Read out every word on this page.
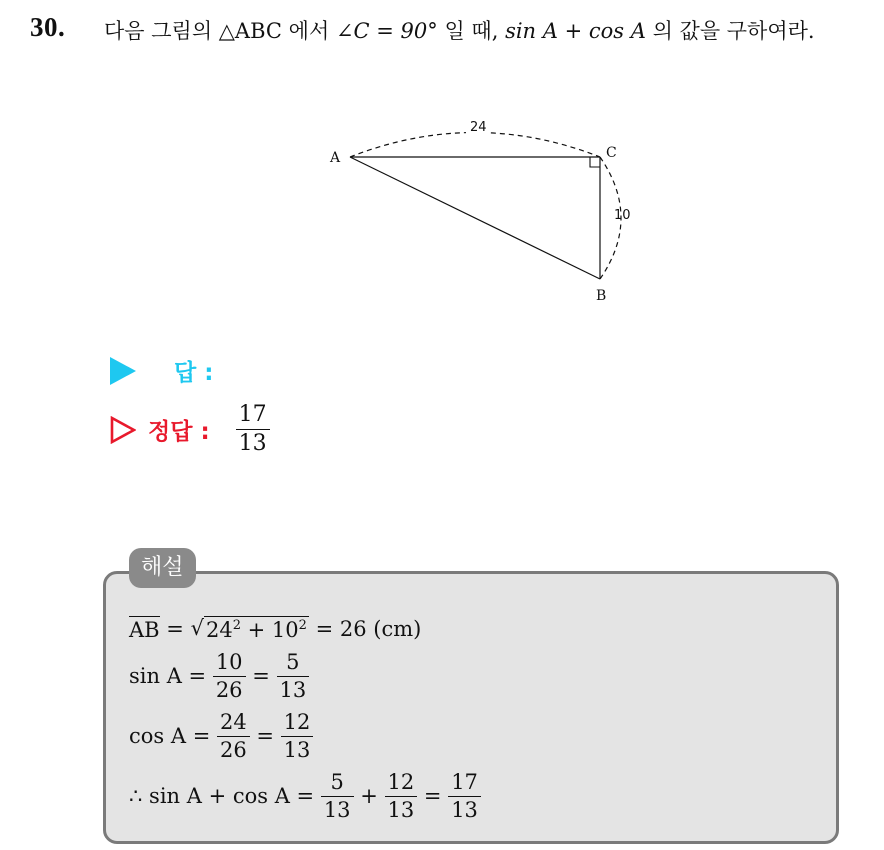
30. 다음 그림의 △ABC 에서 ∠C = 90° 일 때, sin A + cos A 의 값을 구하여라.
24
10
A	C
B
답 :
정답 : $\frac{17}{13}$
해설
AB = √ $24^2 + 10^2 = 26$ (cm)
$\sin A = \frac{10}{26} = \frac{5}{13}$
$\cos A = \frac{24}{26} = \frac{12}{13}$
∴ $\sin A + \cos A = \frac{5}{13} + \frac{12}{13} = \frac{17}{13}$
